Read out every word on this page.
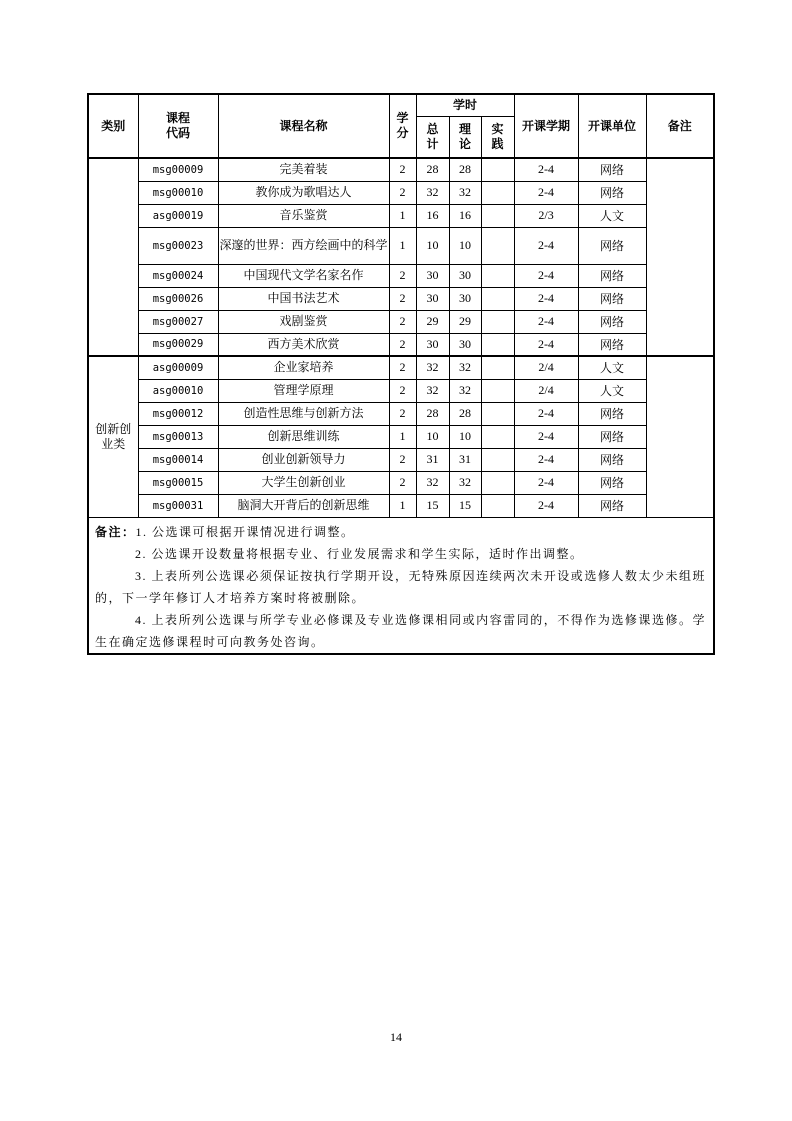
类别	课程代码	课程名称	学分	学时			开课学期	开课单位	备注
				总计	理论	实践			
	msg00009	完美着装	2	28	28		2-4	网络	
	msg00010	教你成为歌唱达人	2	32	32		2-4	网络	
	asg00019	音乐鉴赏	1	16	16		2/3	人文	
	msg00023	深邃的世界：西方绘画中的科学	1	10	10		2-4	网络	
	msg00024	中国现代文学名家名作	2	30	30		2-4	网络	
	msg00026	中国书法艺术	2	30	30		2-4	网络	
	msg00027	戏剧鉴赏	2	29	29		2-4	网络	
	msg00029	西方美术欣赏	2	30	30		2-4	网络	
创新创业类	asg00009	企业家培养	2	32	32		2/4	人文	
	asg00010	管理学原理	2	32	32		2/4	人文	
	msg00012	创造性思维与创新方法	2	28	28		2-4	网络	
	msg00013	创新思维训练	1	10	10		2-4	网络	
	msg00014	创业创新领导力	2	31	31		2-4	网络	
	msg00015	大学生创新创业	2	32	32		2-4	网络	
	msg00031	脑洞大开背后的创新思维	1	15	15		2-4	网络	

备注：1. 公选课可根据开课情况进行调整。

2. 公选课开设数量将根据专业、行业发展需求和学生实际，适时作出调整。

3. 上表所列公选课必须保证按执行学期开设，无特殊原因连续两次未开设或选修人数太少未组班的，下一学年修订人才培养方案时将被删除。

4. 上表所列公选课与所学专业必修课及专业选修课相同或内容雷同的，不得作为选修课选修。学生在确定选修课程时可向教务处咨询。									

14
